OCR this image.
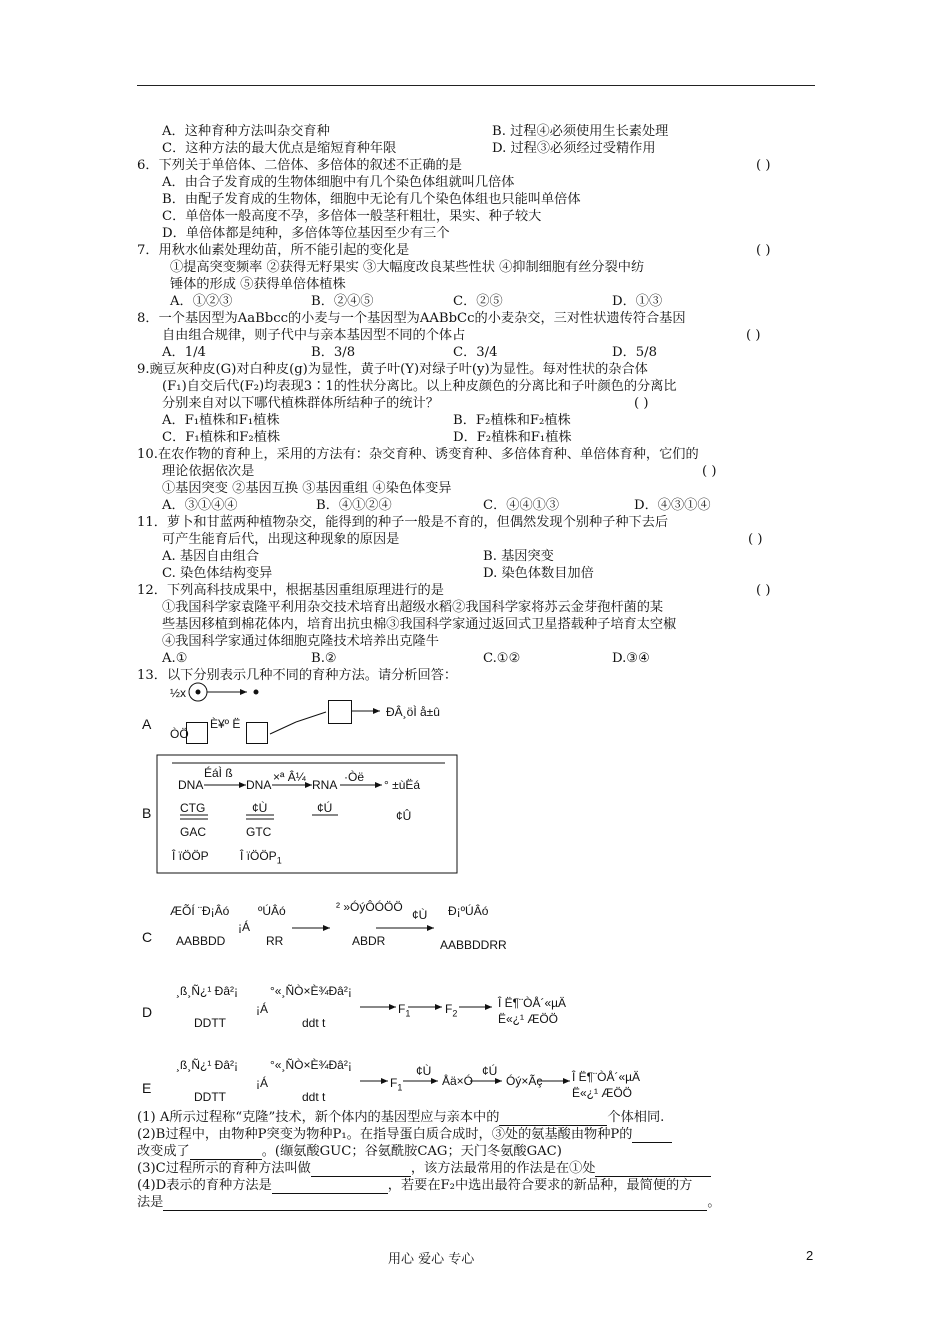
A．这种育种方法叫杂交育种	B. 过程④必须使用生长素处理
C．这种方法的最大优点是缩短育种年限	D. 过程③必须经过受精作用
6．下列关于单倍体、二倍体、多倍体的叙述不正确的是	( )
A．由合子发育成的生物体细胞中有几个染色体组就叫几倍体
B．由配子发育成的生物体，细胞中无论有几个染色体组也只能叫单倍体
C．单倍体一般高度不孕，多倍体一般茎秆粗壮，果实、种子较大
D．单倍体都是纯种，多倍体等位基因至少有三个
7．用秋水仙素处理幼苗，所不能引起的变化是	( )
①提高突变频率 ②获得无籽果实 ③大幅度改良某些性状 ④抑制细胞有丝分裂中纺
锤体的形成 ⑤获得单倍体植株
A．①②③	B．②④⑤	C．②⑤	D．①③
8．一个基因型为AaBbcc的小麦与一个基因型为AABbCc的小麦杂交，三对性状遗传符合基因
自由组合规律，则子代中与亲本基因型不同的个体占	( )
A．1/4	B．3/8	C．3/4	D．5/8
9.豌豆灰种皮(G)对白种皮(g)为显性，黄子叶(Y)对绿子叶(y)为显性。每对性状的杂合体
(F₁)自交后代(F₂)均表现3∶1的性状分离比。以上种皮颜色的分离比和子叶颜色的分离比
分别来自对以下哪代植株群体所结种子的统计？	( )
A．F₁植株和F₁植株	B．F₂植株和F₂植株
C．F₁植株和F₂植株	D．F₂植株和F₁植株
10.在农作物的育种上，采用的方法有：杂交育种、诱变育种、多倍体育种、单倍体育种，它们的
理论依据依次是	( )
①基因突变 ②基因互换 ③基因重组 ④染色体变异
A．③①④④	B．④①②④	C．④④①③	D．④③①④
11．萝卜和甘蓝两种植物杂交，能得到的种子一般是不育的，但偶然发现个别种子种下去后
可产生能育后代，出现这种现象的原因是	( )
A. 基因自由组合	B. 基因突变
C. 染色体结构变异	D. 染色体数目加倍
12．下列高科技成果中，根据基因重组原理进行的是	( )
①我国科学家袁隆平利用杂交技术培育出超级水稻②我国科学家将苏云金芽孢杆菌的某
些基因移植到棉花体内，培育出抗虫棉③我国科学家通过返回式卫星搭载种子培育太空椒
④我国科学家通过体细胞克隆技术培养出克隆牛
A.①	B.②	C.①②	D.③④
13．以下分别表示几种不同的育种方法。请分析回答：
A
B
C
D
E
½x
ÒÖ
È¥º Ë
ÐÂ¸öÌ å±û
DNA
ÉáÌ ß
DNA
×ª Â¼
RNA
·Òë
° ±ùËá
CTG
GAC
¢Ù
GTC
¢Ú
¢Û
Î ïÖÖP	Î ïÖÖP$_1$
ÆÕÍ ¨Ð¡Âó ºÚÂó
¡Á
² »ÓýÔÓÖÖ
¢Ù Ð¡ºÚÂó
AABBDD	RR	ABDR	AABBDDRR
¸ß¸Ñ¿¹ Ðâ²¡	°«¸ÑÒ×È¾Ðâ²¡
¡Á
DDTT	ddt t
$F_1$	$F_2$
Î Ë¶¨ÒÅ´«µÄ
Ë«¿¹ ÆÖÖ
¸ß¸Ñ¿¹ Ðâ²¡	°«¸ÑÒ×È¾Ðâ²¡
¡Á
DDTT	ddt t
$F_1$
¢Ù
Åä×Ó
¢Ú
Óý×Ãç Î Ë¶¨ÒÅ´«µÄ
Ë«¿¹ ÆÖÖ
(1) A所示过程称“克隆”技术，新个体内的基因型应与亲本中的	个体相同.
(2)B过程中，由物种P突变为物种P₁。在指导蛋白质合成时，③处的氨基酸由物种P的
改变成了	。(缬氨酸GUC；谷氨酰胺CAG；天门冬氨酸GAC)
(3)C过程所示的育种方法叫做	，该方法最常用的作法是在①处
(4)D表示的育种方法是	，若要在F₂中选出最符合要求的新品种，最简便的方
法是	。
用心 爱心 专心	2
